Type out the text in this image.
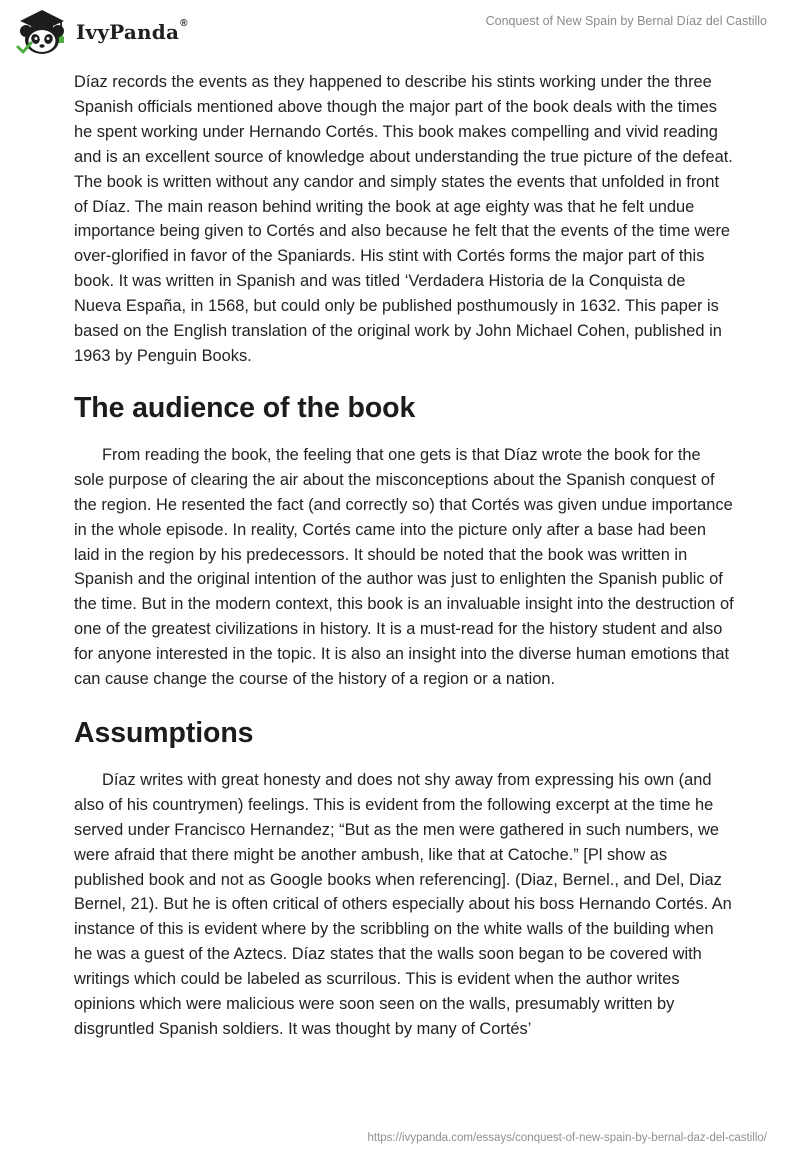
IvyPanda®	Conquest of New Spain by Bernal Díaz del Castillo

Díaz records the events as they happened to describe his stints working under the three Spanish officials mentioned above though the major part of the book deals with the times he spent working under Hernando Cortés. This book makes compelling and vivid reading and is an excellent source of knowledge about understanding the true picture of the defeat. The book is written without any candor and simply states the events that unfolded in front of Díaz. The main reason behind writing the book at age eighty was that he felt undue importance being given to Cortés and also because he felt that the events of the time were over-glorified in favor of the Spaniards. His stint with Cortés forms the major part of this book. It was written in Spanish and was titled ‘Verdadera Historia de la Conquista de Nueva España, in 1568, but could only be published posthumously in 1632. This paper is based on the English translation of the original work by John Michael Cohen, published in 1963 by Penguin Books.

The audience of the book

From reading the book, the feeling that one gets is that Díaz wrote the book for the sole purpose of clearing the air about the misconceptions about the Spanish conquest of the region. He resented the fact (and correctly so) that Cortés was given undue importance in the whole episode. In reality, Cortés came into the picture only after a base had been laid in the region by his predecessors. It should be noted that the book was written in Spanish and the original intention of the author was just to enlighten the Spanish public of the time. But in the modern context, this book is an invaluable insight into the destruction of one of the greatest civilizations in history. It is a must-read for the history student and also for anyone interested in the topic. It is also an insight into the diverse human emotions that can cause change the course of the history of a region or a nation.

Assumptions

Díaz writes with great honesty and does not shy away from expressing his own (and also of his countrymen) feelings. This is evident from the following excerpt at the time he served under Francisco Hernandez; “But as the men were gathered in such numbers, we were afraid that there might be another ambush, like that at Catoche.” [Pl show as published book and not as Google books when referencing]. (Diaz, Bernel., and Del, Diaz Bernel, 21). But he is often critical of others especially about his boss Hernando Cortés. An instance of this is evident where by the scribbling on the white walls of the building when he was a guest of the Aztecs. Díaz states that the walls soon began to be covered with writings which could be labeled as scurrilous. This is evident when the author writes opinions which were malicious were soon seen on the walls, presumably written by disgruntled Spanish soldiers. It was thought by many of Cortés’

https://ivypanda.com/essays/conquest-of-new-spain-by-bernal-daz-del-castillo/
